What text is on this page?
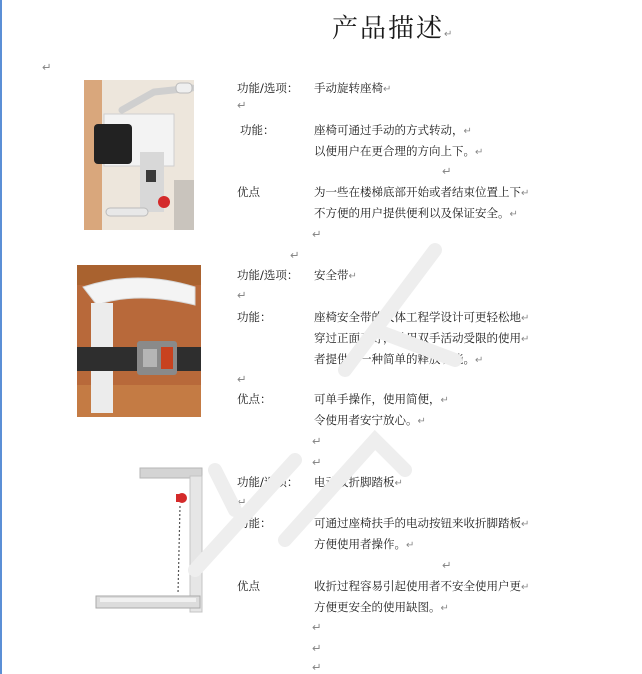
产品描述↵
↵
功能/选项： 手动旋转座椅↵
↵
功能：	座椅可通过手动的方式转动，↵
以便用户在更合理的方向上下。↵
↵
优点	为一些在楼梯底部开始或者结束位置上下↵
不方便的用户提供便利以及保证安全。↵
↵
↵
功能/选项： 安全带↵
↵
功能：	座椅安全带的人体工程学设计可更轻松地↵
穿过正面系好，并用双手活动受限的使用↵
者提供了一种简单的释放功能。↵
↵
优点：	可单手操作，使用简便，↵
令使用者安宁放心。↵
↵
↵
功能/选项： 电动收折脚踏板↵
↵
功能：	可通过座椅扶手的电动按钮来收折脚踏板↵
方便使用者操作。↵
↵
优点	收折过程容易引起使用者不安全使用户更↵
方便更安全的使用缺图。↵
↵
↵
↵
